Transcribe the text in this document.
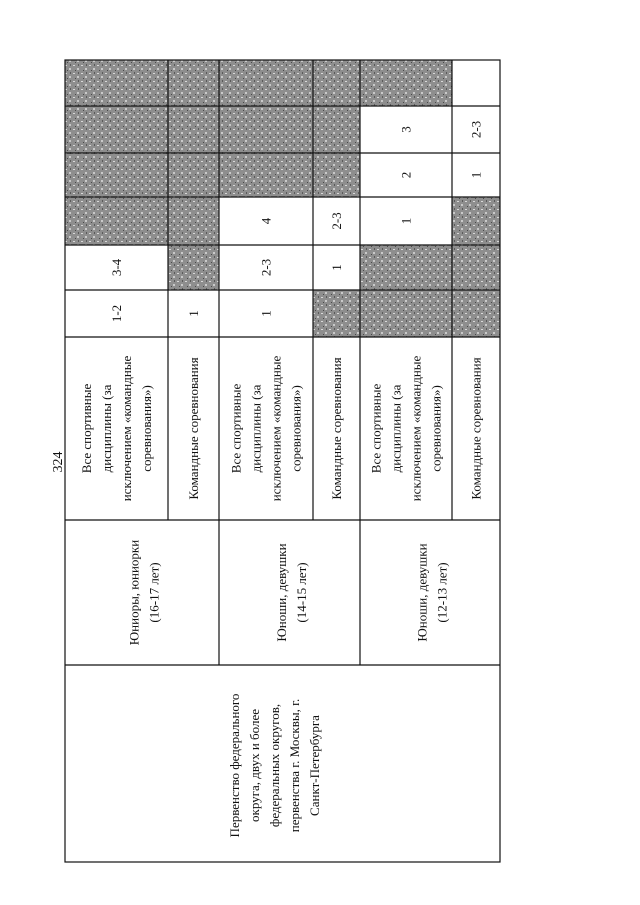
324
Первенство федерального округа, двух и более федеральных округов, первенства г. Москвы, г. Санкт-Петербурга
Юниоры, юниорки (16-17 лет)	Юноши, девушки (14-15 лет)	Юноши, девушки (12-13 лет)
Все спортивные дисциплины (за исключением «командные соревнования»)
1-2
3-4
Командные соревнования
1
Все спортивные дисциплины (за исключением «командные соревнования»)
1
2-3
4
Командные соревнования
1
2-3
Все спортивные дисциплины (за исключением «командные соревнования»)
1
2
3
Командные соревнования
1
2-3
